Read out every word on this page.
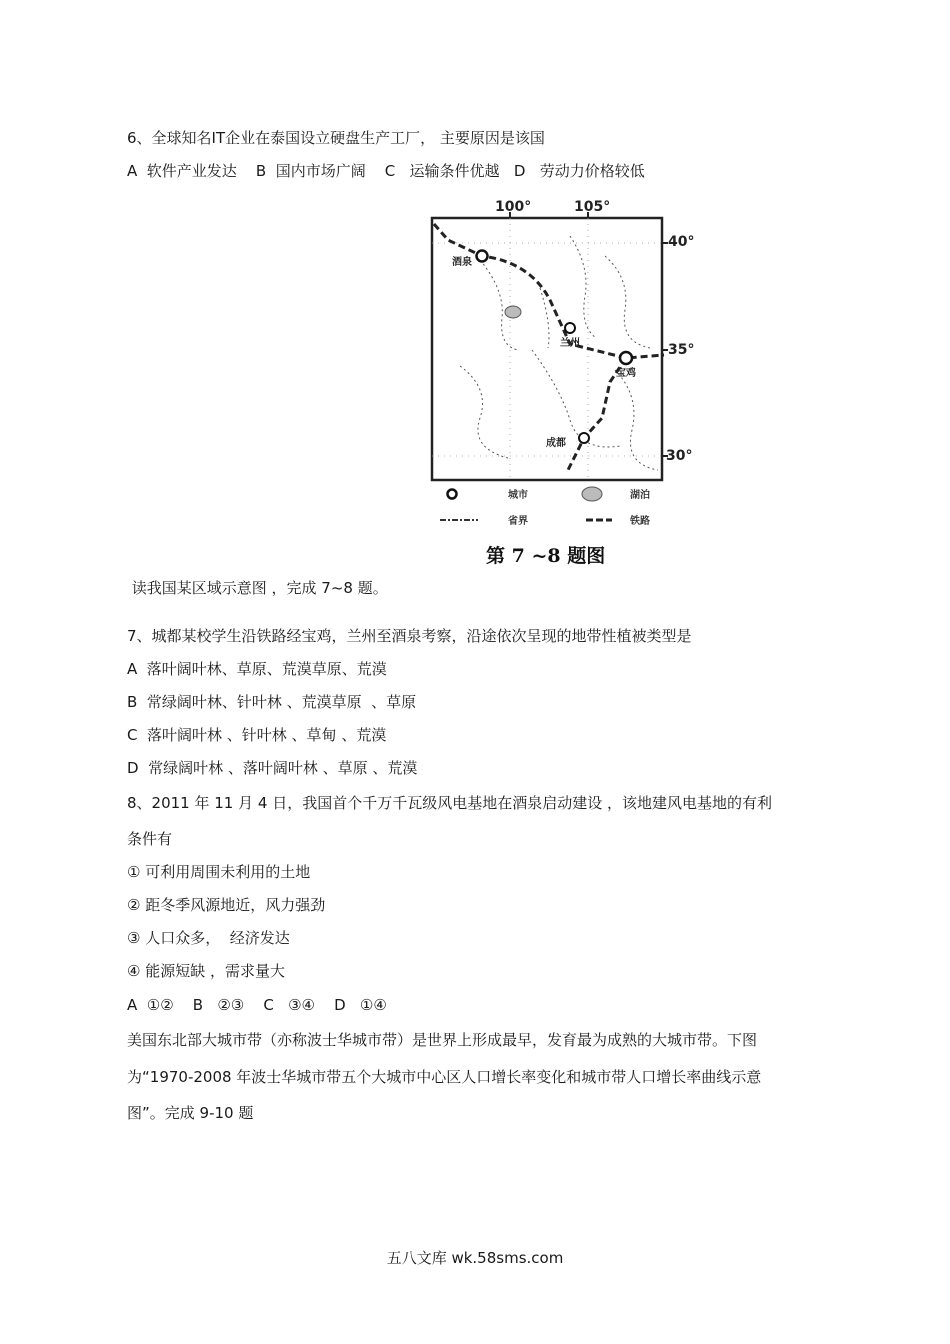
6、全球知名IT企业在泰国设立硬盘生产工厂， 主要原因是该国
A  软件产业发达    B  国内市场广阔    C   运输条件优越   D   劳动力价格较低
100°	105°
40°
35°
30°
酒泉
兰州
宝鸡
成都
城市	湖泊
省界	铁路
第 7 ~8 题图
读我国某区域示意图 ，完成 7~8 题。
7、城都某校学生沿铁路经宝鸡，兰州至酒泉考察，沿途依次呈现的地带性植被类型是
A  落叶阔叶林、草原、荒漠草原、荒漠
B  常绿阔叶林、针叶林 、荒漠草原  、草原
C  落叶阔叶林 、针叶林 、草甸 、荒漠
D  常绿阔叶林 、落叶阔叶林 、草原 、荒漠
8、2011 年 11 月 4 日，我国首个千万千瓦级风电基地在酒泉启动建设 ，该地建风电基地的有利
条件有
① 可利用周围未利用的土地
② 距冬季风源地近，风力强劲
③ 人口众多，  经济发达
④ 能源短缺 ，需求量大
A  ①②    B   ②③    C   ③④    D   ①④
美国东北部大城市带（亦称波士华城市带）是世界上形成最早，发育最为成熟的大城市带。下图
为“1970-2008 年波士华城市带五个大城市中心区人口增长率变化和城市带人口增长率曲线示意
图”。完成 9-10 题
五八文库 wk.58sms.com
